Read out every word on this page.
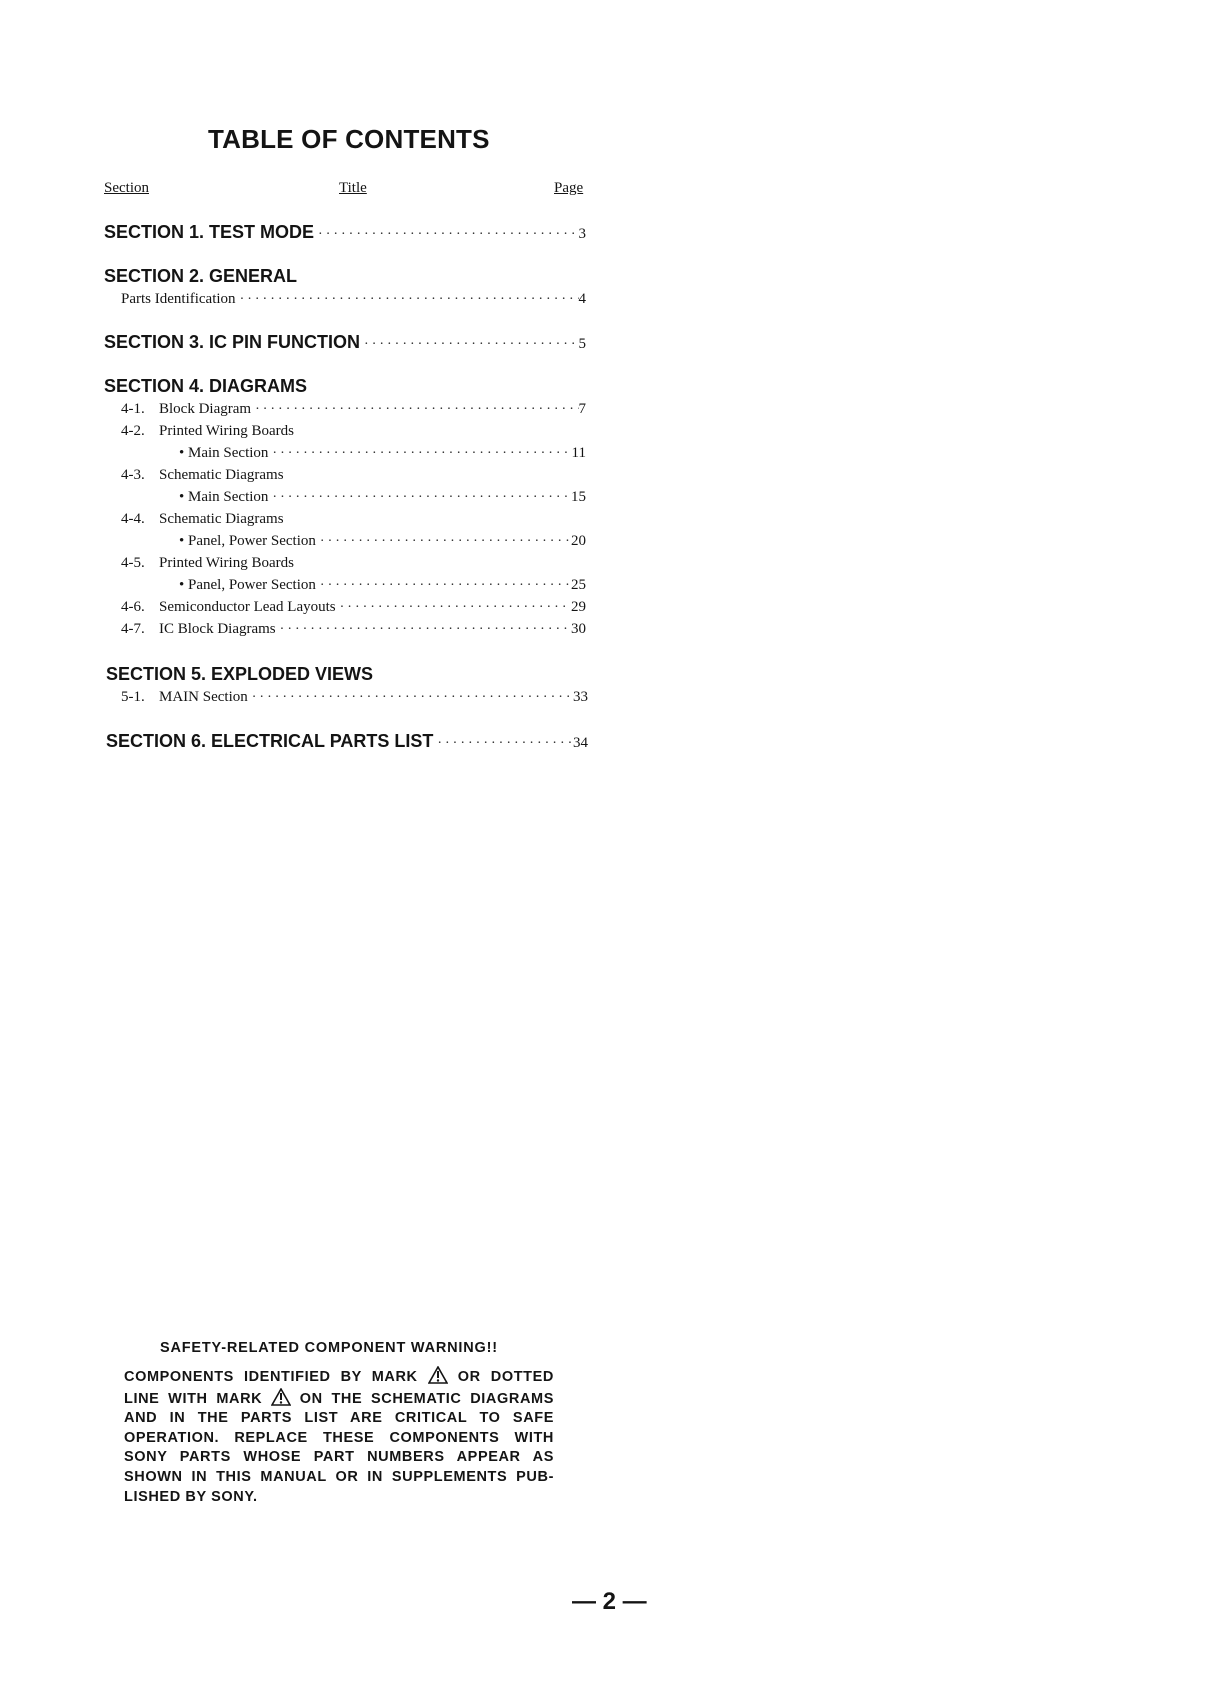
TABLE OF CONTENTS
Section	Title	Page
SECTION 1. TEST MODE ·····	3
SECTION 2. GENERAL
Parts Identification ·····	4
SECTION 3. IC PIN FUNCTION ·····	5
SECTION 4. DIAGRAMS
4-1. Block Diagram ·····	7
4-2. Printed Wiring Boards
• Main Section ·····	11
4-3. Schematic Diagrams
• Main Section ·····	15
4-4. Schematic Diagrams
• Panel, Power Section ·····	20
4-5. Printed Wiring Boards
• Panel, Power Section ·····	25
4-6. Semiconductor Lead Layouts ·····	29
4-7. IC Block Diagrams ·····	30
SECTION 5. EXPLODED VIEWS
5-1. MAIN Section ·····	33
SECTION 6. ELECTRICAL PARTS LIST ·····	34
SAFETY-RELATED COMPONENT WARNING!!
COMPONENTS IDENTIFIED BY MARK	OR DOTTED
LINE WITH MARK	ON THE SCHEMATIC DIAGRAMS
AND IN THE PARTS LIST ARE CRITICAL TO SAFE
OPERATION. REPLACE THESE COMPONENTS WITH
SONY PARTS WHOSE PART NUMBERS APPEAR AS
SHOWN IN THIS MANUAL OR IN SUPPLEMENTS PUB-
LISHED BY SONY.
— 2 —
